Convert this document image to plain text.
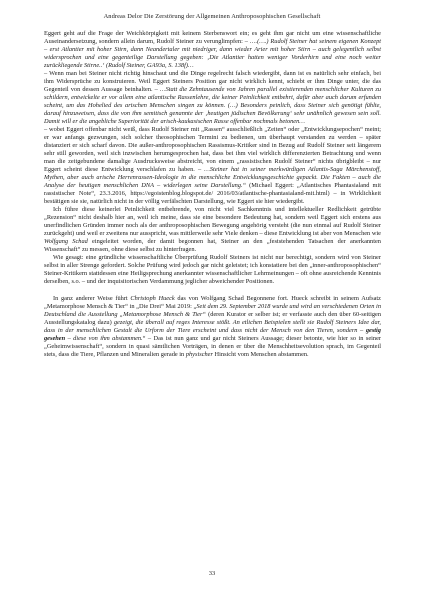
Andreas Delor Die Zerstörung der Allgemeinen Anthroposophischen Gesellschaft

Eggert geht auf die Frage der Weichkörpigkeit mit keinem Sterbenswort ein; es geht ihm gar nicht um eine wissenschaftliche Auseinandersetzung, sondern allein darum, Rudolf Steiner zu verunglimpfen: – ….(….) Rudolf Steiner hat seinem eigenen Konzept – erst Atlantier mit hoher Stirn, dann Neandertaler mit niedriger, dann wieder Arier mit hoher Stirn – auch gelegentlich selbst widersprochen und eine gegenteilige Darstellung gegeben: ‚Die Atlantier hatten weniger Vorderhirn und eine noch weiter zurückliegende Stirne..‘ (Rudolf Steiner, GA93a, S. 138f)…

– Wenn man bei Steiner nicht richtig hinschaut und die Dinge regelrecht falsch wiedergibt, dann ist es natürlich sehr einfach, bei ihm Widersprüche zu konstruieren. Weil Eggert Steiners Position gar nicht wirklich kennt, schiebt er ihm Dinge unter, die das Gegenteil von dessen Aussage beinhalten. – …Statt die Zehntausende von Jahren parallel existierenden menschlicher Kulturen zu schildern, entwickelte er vor allem eine atlantische Rassenlehre, die keiner Peinlichkeit entbehrt, dafür aber auch darum erfunden scheint, um das Hohelied des arischen Menschen singen zu können. (…) Besonders peinlich, dass Steiner sich genötigt fühlte, darauf hinzuweisen, dass die von ihm semitisch genannte der ‚heutigen jüdischen Bevölkerung‘ sehr unähnlich gewesen sein soll. Damit will er die angebliche Superiorität der arisch-kaukasischen Rasse offenbar nochmals betonen…

– wobei Eggert offenbar nicht weiß, dass Rudolf Steiner mit „Rassen“ ausschließlich „Zeiten“ oder „Entwicklungsepochen“ meint; er war anfangs gezwungen, sich solcher theosophischen Termini zu bedienen, um überhaupt verstanden zu werden – später distanziert er sich scharf davon. Die außer-anthroposophischen Rassismus-Kritiker sind in Bezug auf Rudolf Steiner seit längerem sehr still geworden, weil sich inzwischen herumgesprochen hat, dass bei ihm viel wirklich differenzierten Betrachtung und wenn man die zeitgebundene damalige Ausdrucksweise abstreicht, von einem „rassistischen Rudolf Steiner“ nichts übrigbleibt – nur Eggert scheint diese Entwicklung verschlafen zu haben. – …Steiner hat in seiner merkwürdigen Atlantis-Saga Märchenstoff, Mythen, aber auch arische Herrenrassen-Ideologie in die menschliche Entwicklungsgeschichte gepackt. Die Fakten – auch die Analyse der heutigen menschlichen DNA – widerlegen seine Darstellung.“ (Michael Eggert: „Atlantisches Phantasialand mit rassistischer Note“, 23.3.2016, https://egoistenblog.blogspot.de/ 2016/03/atlantische-phantasialand-mit.html) – in Wirklichkeit bestätigen sie sie, natürlich nicht in der völlig verfälschten Darstellung, wie Eggert sie hier wiedergibt.

Ich führe diese keinerlei Peinlichkeit entbehrende, von nicht viel Sachkenntnis und intellektueller Redlichkeit getrübte „Rezension“ nicht deshalb hier an, weil ich meine, dass sie eine besondere Bedeutung hat, sondern weil Eggert sich erstens aus unerfindlichen Gründen immer noch als der anthroposophischen Bewegung angehörig versteht (die nun einmal auf Rudolf Steiner zurückgeht) und weil er zweitens nur ausspricht, was mittlerweile sehr Viele denken – diese Entwicklung ist aber von Menschen wie Wolfgang Schad eingeleitet worden, der damit begonnen hat, Steiner an den „feststehenden Tatsachen der anerkannten Wissenschaft“ zu messen, ohne diese selbst zu hinterfragen.

Wie gesagt: eine gründliche wissenschaftliche Überprüfung Rudolf Steiners ist nicht nur berechtigt, sondern wird von Steiner selbst in aller Strenge gefordert. Solche Prüfung wird jedoch gar nicht geleistet; ich konstatiere bei den „inner-anthroposophischen“ Steiner-Kritikern stattdessen eine Heiligsprechung anerkannter wissenschaftlicher Lehrmeinungen – oft ohne ausreichende Kenntnis derselben, s.o. – und der inquisitorischen Verdammung jeglicher abweichender Positionen.

In ganz anderer Weise führt Christoph Hueck das von Wolfgang Schad Begonnene fort. Hueck schreibt in seinem Aufsatz „Metamorphose Mensch & Tier“ in „Die Drei“ Mai 2019: „Seit dem 29. September 2018 wurde und wird an verschiedenen Orten in Deutschland die Ausstellung „Metamorphose Mensch & Tier“ (deren Kurator er selber ist; er verfasste auch den über 60-seitigen Ausstellungskatalog dazu) gezeigt, die überall auf reges Interesse stößt. An etlichen Beispielen stellt sie Rudolf Steiners Idee dar, dass in der menschlichen Gestalt die Urform der Tiere erscheint und dass nicht der Mensch von den Tieren, sondern – gestig gesehen – diese von ihm abstammen.“ – Das ist nun ganz und gar nicht Steiners Aussage; dieser betonte, wie hier so in seiner „Geheimwissenschaft“, sondern in quasi sämtlichen Vorträgen, in denen er über die Menschheitsevolution sprach, im Gegenteil stets, dass die Tiere, Pflanzen und Mineralien gerade in physischer Hinsicht vom Menschen abstammen.

33
